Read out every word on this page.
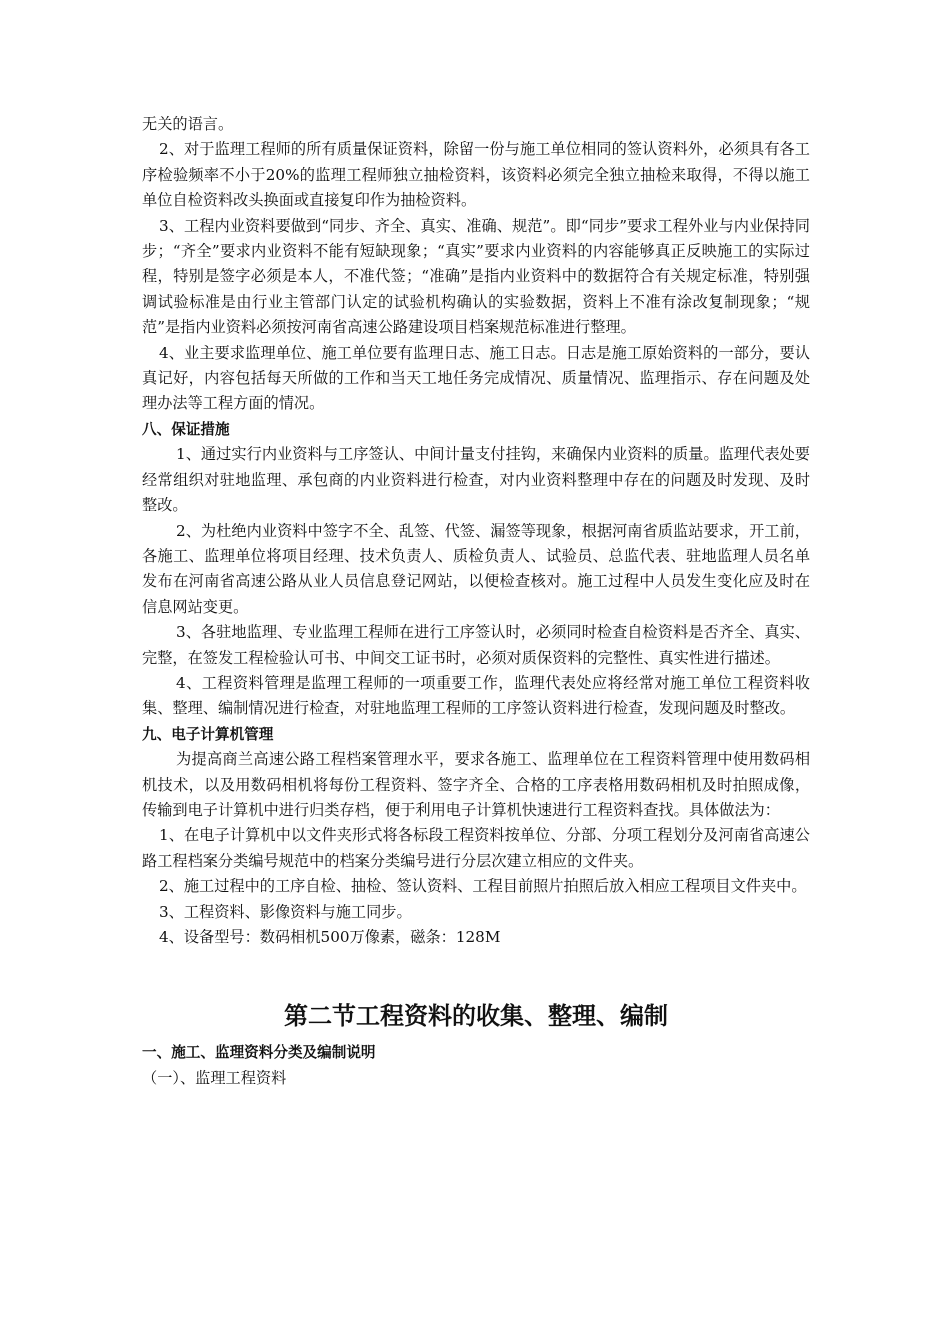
无关的语言。

2、对于监理工程师的所有质量保证资料，除留一份与施工单位相同的签认资料外，必须具有各工序检验频率不小于20%的监理工程师独立抽检资料，该资料必须完全独立抽检来取得，不得以施工单位自检资料改头换面或直接复印作为抽检资料。

3、工程内业资料要做到“同步、齐全、真实、准确、规范”。即“同步”要求工程外业与内业保持同步；“齐全”要求内业资料不能有短缺现象；“真实”要求内业资料的内容能够真正反映施工的实际过程，特别是签字必须是本人，不准代签；“准确”是指内业资料中的数据符合有关规定标准，特别强调试验标准是由行业主管部门认定的试验机构确认的实验数据，资料上不准有涂改复制现象；“规范”是指内业资料必须按河南省高速公路建设项目档案规范标准进行整理。

4、业主要求监理单位、施工单位要有监理日志、施工日志。日志是施工原始资料的一部分，要认真记好，内容包括每天所做的工作和当天工地任务完成情况、质量情况、监理指示、存在问题及处理办法等工程方面的情况。

八、保证措施

1、通过实行内业资料与工序签认、中间计量支付挂钩，来确保内业资料的质量。监理代表处要经常组织对驻地监理、承包商的内业资料进行检查，对内业资料整理中存在的问题及时发现、及时整改。

2、为杜绝内业资料中签字不全、乱签、代签、漏签等现象，根据河南省质监站要求，开工前，各施工、监理单位将项目经理、技术负责人、质检负责人、试验员、总监代表、驻地监理人员名单发布在河南省高速公路从业人员信息登记网站，以便检查核对。施工过程中人员发生变化应及时在信息网站变更。

3、各驻地监理、专业监理工程师在进行工序签认时，必须同时检查自检资料是否齐全、真实、完整，在签发工程检验认可书、中间交工证书时，必须对质保资料的完整性、真实性进行描述。

4、工程资料管理是监理工程师的一项重要工作，监理代表处应将经常对施工单位工程资料收集、整理、编制情况进行检查，对驻地监理工程师的工序签认资料进行检查，发现问题及时整改。

九、电子计算机管理

为提高商兰高速公路工程档案管理水平，要求各施工、监理单位在工程资料管理中使用数码相机技术，以及用数码相机将每份工程资料、签字齐全、合格的工序表格用数码相机及时拍照成像，传输到电子计算机中进行归类存档，便于利用电子计算机快速进行工程资料查找。具体做法为：

1、在电子计算机中以文件夹形式将各标段工程资料按单位、分部、分项工程划分及河南省高速公路工程档案分类编号规范中的档案分类编号进行分层次建立相应的文件夹。

2、施工过程中的工序自检、抽检、签认资料、工程目前照片拍照后放入相应工程项目文件夹中。

3、工程资料、影像资料与施工同步。

4、设备型号：数码相机500万像素，磁条：128M

第二节工程资料的收集、整理、编制

一、施工、监理资料分类及编制说明

（一）、监理工程资料
